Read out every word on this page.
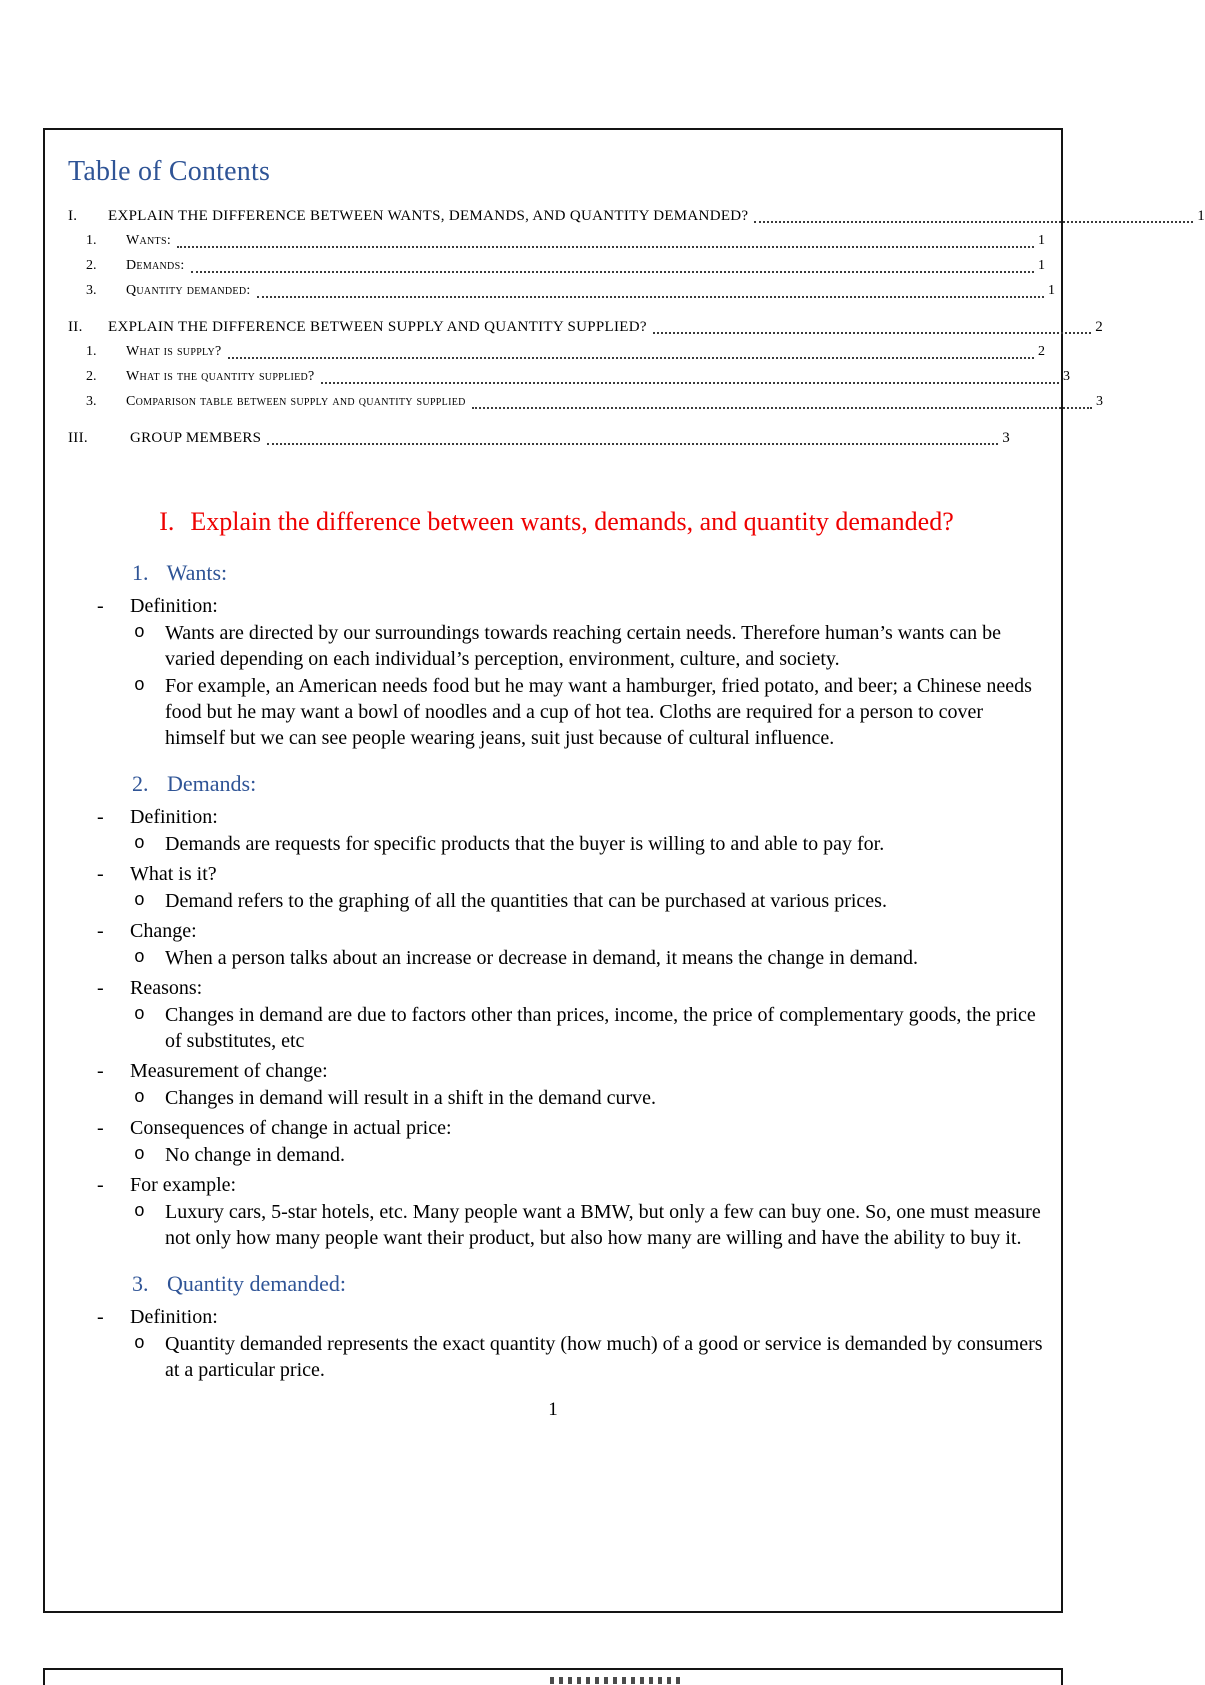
Table of Contents
I.	EXPLAIN THE DIFFERENCE BETWEEN WANTS, DEMANDS, AND QUANTITY DEMANDED?	1
1.	Wants:	1
2.	Demands:	1
3.	Quantity demanded:	1
II.	EXPLAIN THE DIFFERENCE BETWEEN SUPPLY AND QUANTITY SUPPLIED?	2
1.	What is supply?	2
2.	What is the quantity supplied?	3
3.	Comparison table between supply and quantity supplied	3
III.	GROUP MEMBERS	3
I. Explain the difference between wants, demands, and quantity demanded?
1. Wants:
- Definition:
o Wants are directed by our surroundings towards reaching certain needs. Therefore human’s wants can be varied depending on each individual’s perception, environment, culture, and society.
o For example, an American needs food but he may want a hamburger, fried potato, and beer; a Chinese needs food but he may want a bowl of noodles and a cup of hot tea. Cloths are required for a person to cover himself but we can see people wearing jeans, suit just because of cultural influence.
2. Demands:
- Definition:
o Demands are requests for specific products that the buyer is willing to and able to pay for.
- What is it?
o Demand refers to the graphing of all the quantities that can be purchased at various prices.
- Change:
o When a person talks about an increase or decrease in demand, it means the change in demand.
- Reasons:
o Changes in demand are due to factors other than prices, income, the price of complementary goods, the price of substitutes, etc
- Measurement of change:
o Changes in demand will result in a shift in the demand curve.
- Consequences of change in actual price:
o No change in demand.
- For example:
o Luxury cars, 5-star hotels, etc. Many people want a BMW, but only a few can buy one. So, one must measure not only how many people want their product, but also how many are willing and have the ability to buy it.
3. Quantity demanded:
- Definition:
o Quantity demanded represents the exact quantity (how much) of a good or service is demanded by consumers at a particular price.
1
